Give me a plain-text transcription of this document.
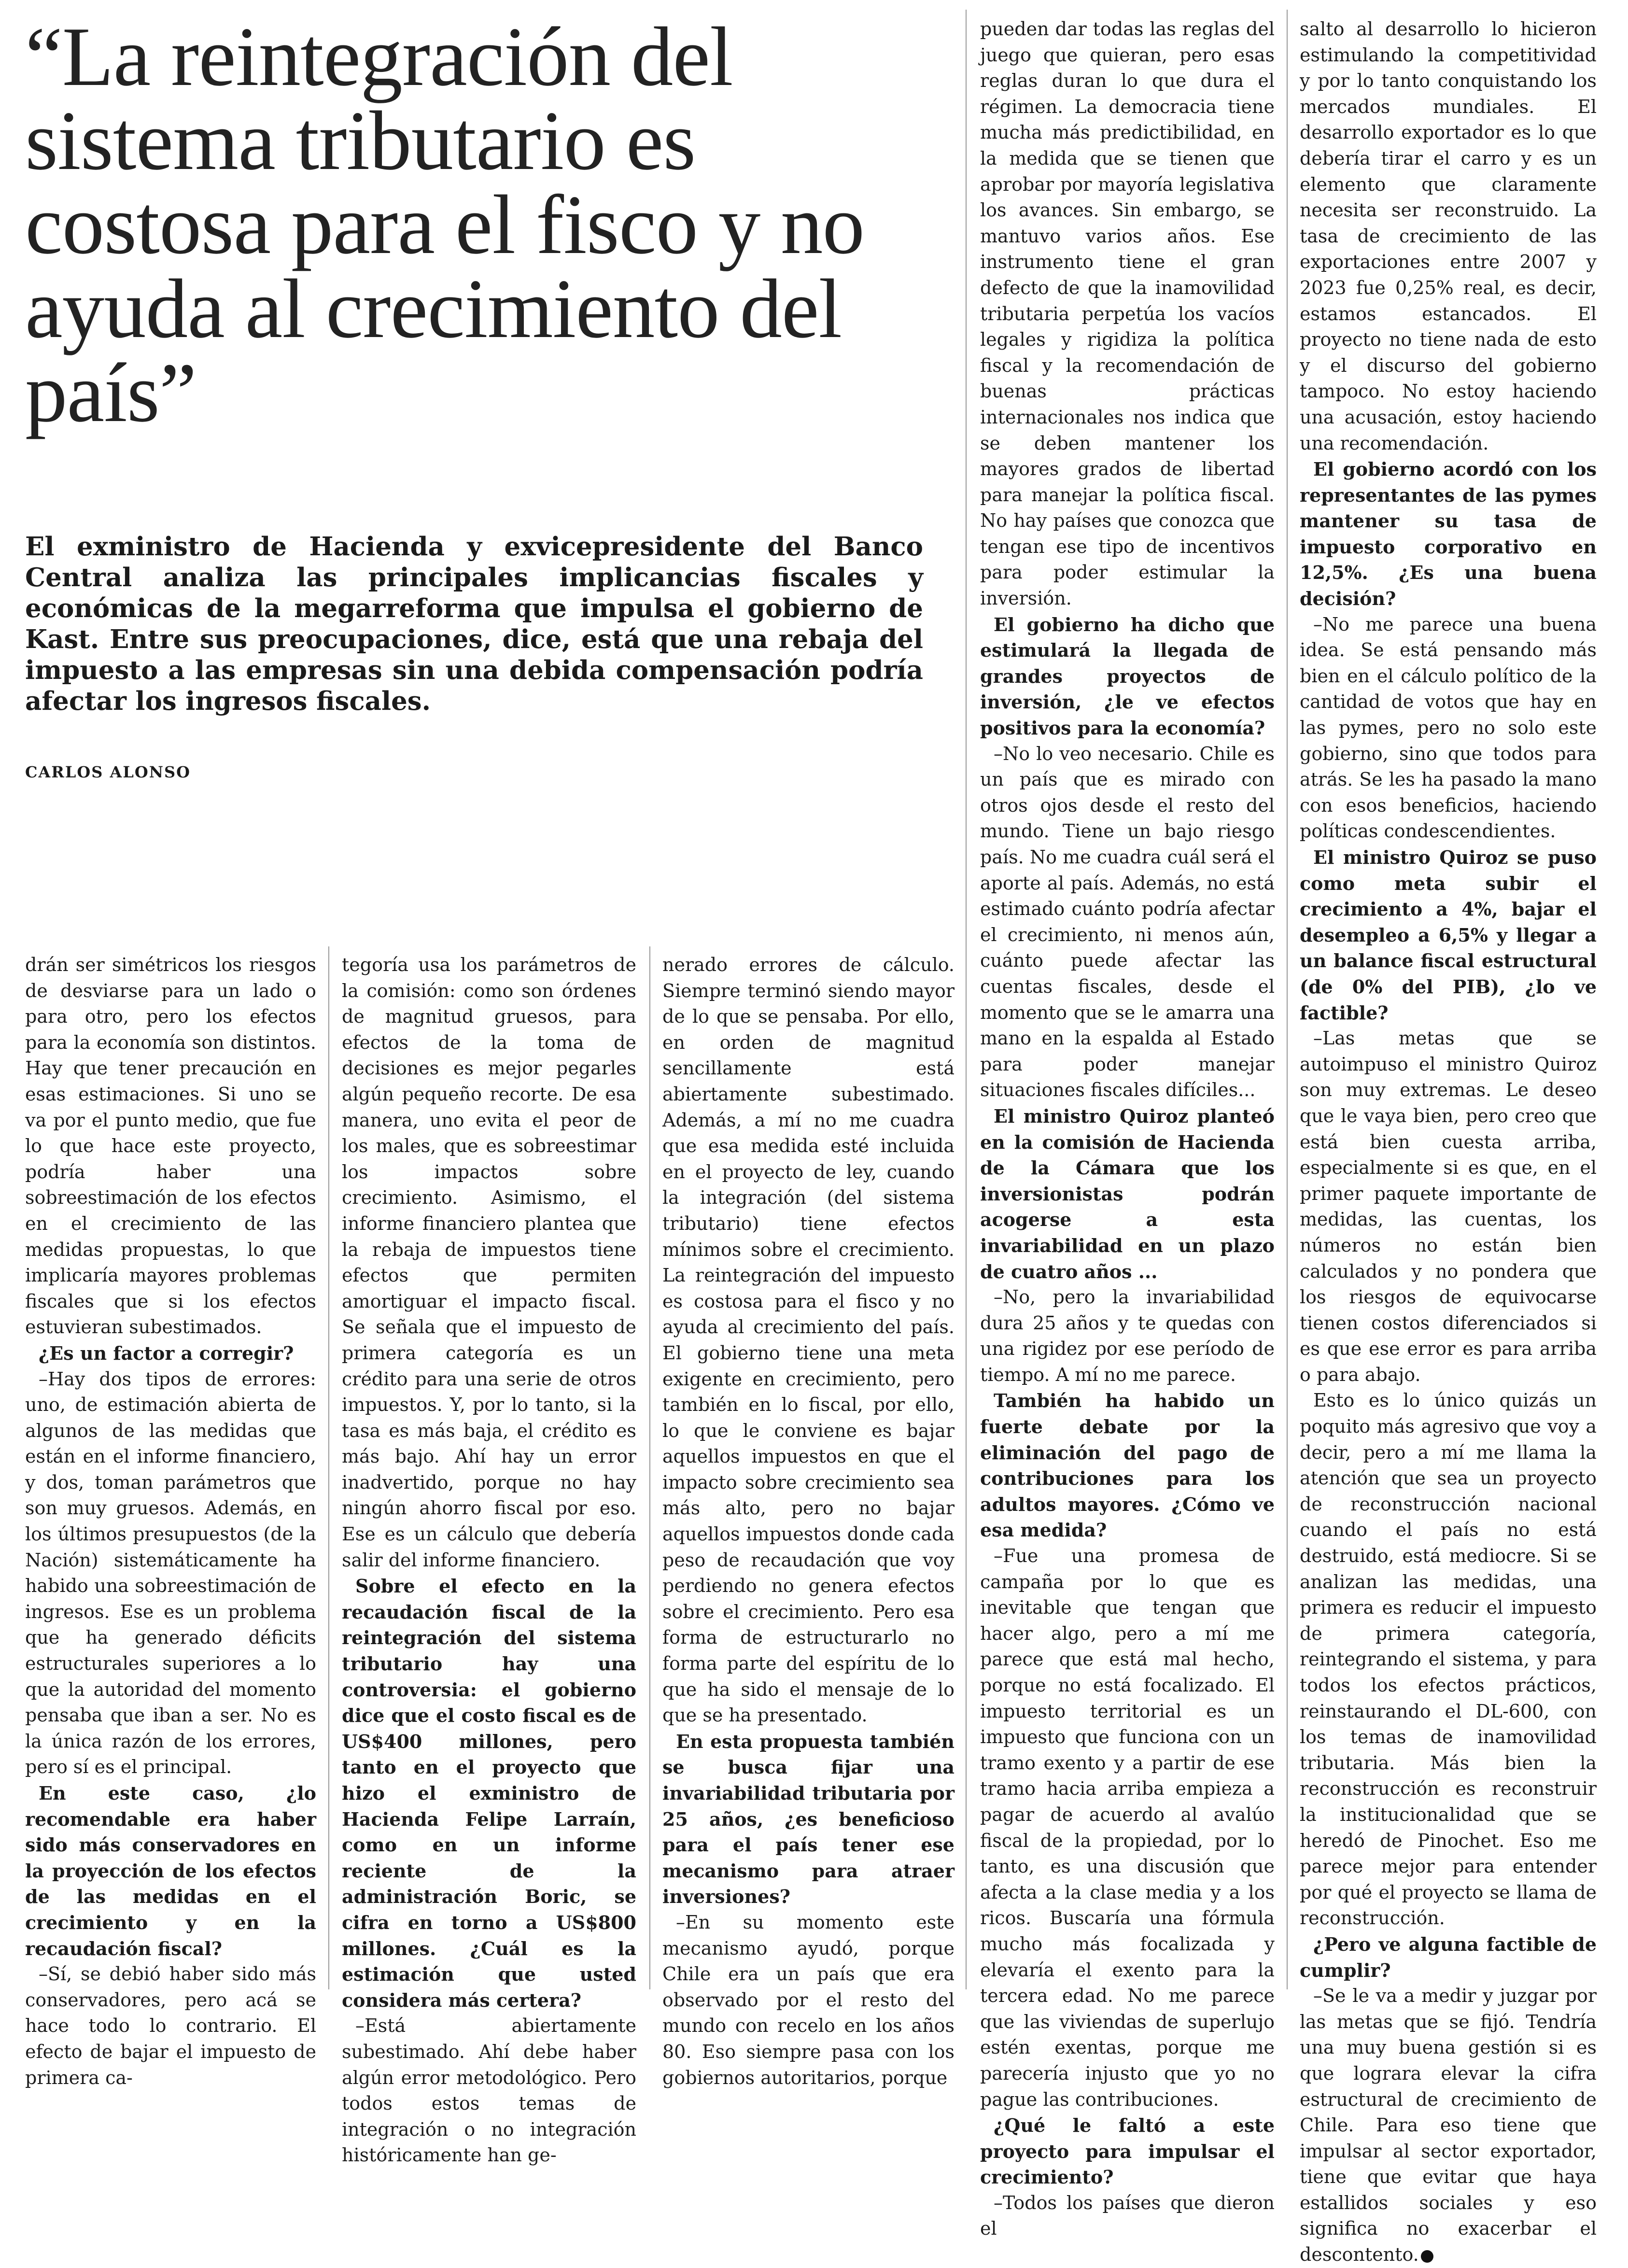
“La reintegración del sistema tributario es costosa para el fisco y no ayuda al crecimiento del país”

El exministro de Hacienda y exvicepresidente del Banco Central analiza las principales implicancias fiscales y económicas de la megarreforma que impulsa el gobierno de Kast. Entre sus preocupaciones, dice, está que una rebaja del impuesto a las empresas sin una debida compensación podría afectar los ingresos fiscales.

CARLOS ALONSO

drán ser simétricos los riesgos de desviarse para un lado o para otro, pero los efectos para la economía son distintos. Hay que tener precaución en esas estimaciones. Si uno se va por el punto medio, que fue lo que hace este proyecto, podría haber una sobreestimación de los efectos en el crecimiento de las medidas propuestas, lo que implicaría mayores problemas fiscales que si los efectos estuvieran subestimados.

¿Es un factor a corregir?

–Hay dos tipos de errores: uno, de estimación abierta de algunos de las medidas que están en el informe financiero, y dos, toman parámetros que son muy gruesos. Además, en los últimos presupuestos (de la Nación) sistemáticamente ha habido una sobreestimación de ingresos. Ese es un problema que ha generado déficits estructurales superiores a lo que la autoridad del momento pensaba que iban a ser. No es la única razón de los errores, pero sí es el principal.

En este caso, ¿lo recomendable era haber sido más conservadores en la proyección de los efectos de las medidas en el crecimiento y en la recaudación fiscal?

–Sí, se debió haber sido más conservadores, pero acá se hace todo lo contrario. El efecto de bajar el impuesto de primera ca-

tegoría usa los parámetros de la comisión: como son órdenes de magnitud gruesos, para efectos de la toma de decisiones es mejor pegarles algún pequeño recorte. De esa manera, uno evita el peor de los males, que es sobreestimar los impactos sobre crecimiento. Asimismo, el informe financiero plantea que la rebaja de impuestos tiene efectos que permiten amortiguar el impacto fiscal. Se señala que el impuesto de primera categoría es un crédito para una serie de otros impuestos. Y, por lo tanto, si la tasa es más baja, el crédito es más bajo. Ahí hay un error inadvertido, porque no hay ningún ahorro fiscal por eso. Ese es un cálculo que debería salir del informe financiero.

Sobre el efecto en la recaudación fiscal de la reintegración del sistema tributario hay una controversia: el gobierno dice que el costo fiscal es de US$400 millones, pero tanto en el proyecto que hizo el exministro de Hacienda Felipe Larraín, como en un informe reciente de la administración Boric, se cifra en torno a US$800 millones. ¿Cuál es la estimación que usted considera más certera?

–Está abiertamente subestimado. Ahí debe haber algún error metodológico. Pero todos estos temas de integración o no integración históricamente han ge-

nerado errores de cálculo. Siempre terminó siendo mayor de lo que se pensaba. Por ello, en orden de magnitud sencillamente está abiertamente subestimado. Además, a mí no me cuadra que esa medida esté incluida en el proyecto de ley, cuando la integración (del sistema tributario) tiene efectos mínimos sobre el crecimiento. La reintegración del impuesto es costosa para el fisco y no ayuda al crecimiento del país. El gobierno tiene una meta exigente en crecimiento, pero también en lo fiscal, por ello, lo que le conviene es bajar aquellos impuestos en que el impacto sobre crecimiento sea más alto, pero no bajar aquellos impuestos donde cada peso de recaudación que voy perdiendo no genera efectos sobre el crecimiento. Pero esa forma de estructurarlo no forma parte del espíritu de lo que ha sido el mensaje de lo que se ha presentado.

En esta propuesta también se busca fijar una invariabilidad tributaria por 25 años, ¿es beneficioso para el país tener ese mecanismo para atraer inversiones?

–En su momento este mecanismo ayudó, porque Chile era un país que era observado por el resto del mundo con recelo en los años 80. Eso siempre pasa con los gobiernos autoritarios, porque

pueden dar todas las reglas del juego que quieran, pero esas reglas duran lo que dura el régimen. La democracia tiene mucha más predictibilidad, en la medida que se tienen que aprobar por mayoría legislativa los avances. Sin embargo, se mantuvo varios años. Ese instrumento tiene el gran defecto de que la inamovilidad tributaria perpetúa los vacíos legales y rigidiza la política fiscal y la recomendación de buenas prácticas internacionales nos indica que se deben mantener los mayores grados de libertad para manejar la política fiscal. No hay países que conozca que tengan ese tipo de incentivos para poder estimular la inversión.

El gobierno ha dicho que estimulará la llegada de grandes proyectos de inversión, ¿le ve efectos positivos para la economía?

–No lo veo necesario. Chile es un país que es mirado con otros ojos desde el resto del mundo. Tiene un bajo riesgo país. No me cuadra cuál será el aporte al país. Además, no está estimado cuánto podría afectar el crecimiento, ni menos aún, cuánto puede afectar las cuentas fiscales, desde el momento que se le amarra una mano en la espalda al Estado para poder manejar situaciones fiscales difíciles...

El ministro Quiroz planteó en la comisión de Hacienda de la Cámara que los inversionistas podrán acogerse a esta invariabilidad en un plazo de cuatro años ...

–No, pero la invariabilidad dura 25 años y te quedas con una rigidez por ese período de tiempo. A mí no me parece.

También ha habido un fuerte debate por la eliminación del pago de contribuciones para los adultos mayores. ¿Cómo ve esa medida?

–Fue una promesa de campaña por lo que es inevitable que tengan que hacer algo, pero a mí me parece que está mal hecho, porque no está focalizado. El impuesto territorial es un impuesto que funciona con un tramo exento y a partir de ese tramo hacia arriba empieza a pagar de acuerdo al avalúo fiscal de la propiedad, por lo tanto, es una discusión que afecta a la clase media y a los ricos. Buscaría una fórmula mucho más focalizada y elevaría el exento para la tercera edad. No me parece que las viviendas de superlujo estén exentas, porque me parecería injusto que yo no pague las contribuciones.

¿Qué le faltó a este proyecto para impulsar el crecimiento?

–Todos los países que dieron el

salto al desarrollo lo hicieron estimulando la competitividad y por lo tanto conquistando los mercados mundiales. El desarrollo exportador es lo que debería tirar el carro y es un elemento que claramente necesita ser reconstruido. La tasa de crecimiento de las exportaciones entre 2007 y 2023 fue 0,25% real, es decir, estamos estancados. El proyecto no tiene nada de esto y el discurso del gobierno tampoco. No estoy haciendo una acusación, estoy haciendo una recomendación.

El gobierno acordó con los representantes de las pymes mantener su tasa de impuesto corporativo en 12,5%. ¿Es una buena decisión?

–No me parece una buena idea. Se está pensando más bien en el cálculo político de la cantidad de votos que hay en las pymes, pero no solo este gobierno, sino que todos para atrás. Se les ha pasado la mano con esos beneficios, haciendo políticas condescendientes.

El ministro Quiroz se puso como meta subir el crecimiento a 4%, bajar el desempleo a 6,5% y llegar a un balance fiscal estructural (de 0% del PIB), ¿lo ve factible?

–Las metas que se autoimpuso el ministro Quiroz son muy extremas. Le deseo que le vaya bien, pero creo que está bien cuesta arriba, especialmente si es que, en el primer paquete importante de medidas, las cuentas, los números no están bien calculados y no pondera que los riesgos de equivocarse tienen costos diferenciados si es que ese error es para arriba o para abajo.

Esto es lo único quizás un poquito más agresivo que voy a decir, pero a mí me llama la atención que sea un proyecto de reconstrucción nacional cuando el país no está destruido, está mediocre. Si se analizan las medidas, una primera es reducir el impuesto de primera categoría, reintegrando el sistema, y para todos los efectos prácticos, reinstaurando el DL-600, con los temas de inamovilidad tributaria. Más bien la reconstrucción es reconstruir la institucionalidad que se heredó de Pinochet. Eso me parece mejor para entender por qué el proyecto se llama de reconstrucción.

¿Pero ve alguna factible de cumplir?

–Se le va a medir y juzgar por las metas que se fijó. Tendría una muy buena gestión si es que lograra elevar la cifra estructural de crecimiento de Chile. Para eso tiene que impulsar al sector exportador, tiene que evitar que haya estallidos sociales y eso significa no exacerbar el descontento.
